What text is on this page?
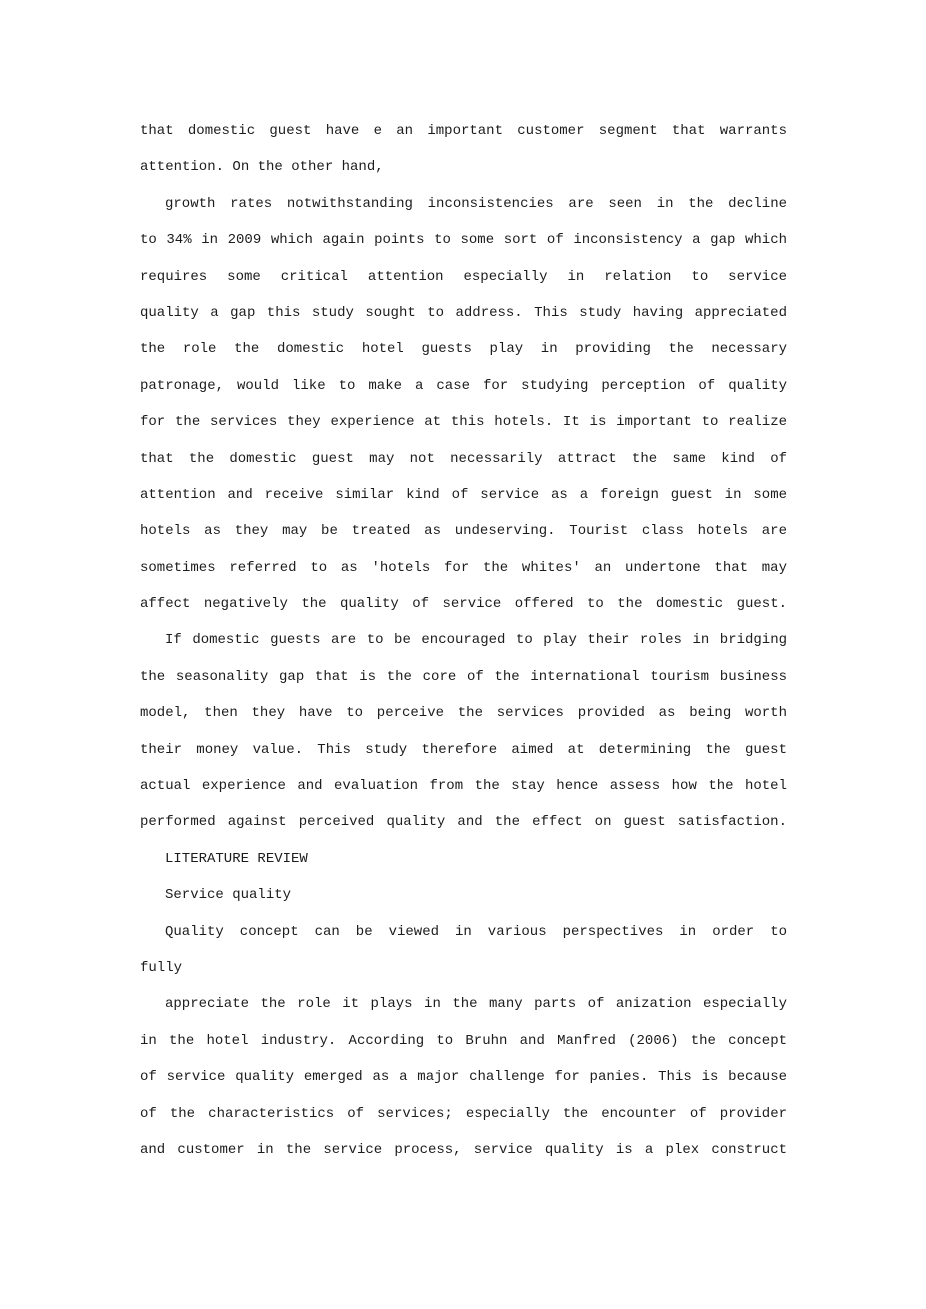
that domestic guest have e an important customer segment that warrants
attention. On the other hand,
growth rates notwithstanding inconsistencies are seen in the decline
to 34% in 2009 which again points to some sort of inconsistency a gap which
requires some critical attention especially in relation to service
quality a gap this study sought to address. This study having appreciated
the role the domestic hotel guests play in providing the necessary
patronage, would like to make a case for studying perception of quality
for the services they experience at this hotels. It is important to realize
that the domestic guest may not necessarily attract the same kind of
attention and receive similar kind of service as a foreign guest in some
hotels as they may be treated as undeserving. Tourist class hotels are
sometimes referred to as 'hotels for the whites' an undertone that may
affect negatively the quality of service offered to the domestic guest.
If domestic guests are to be encouraged to play their roles in bridging
the seasonality gap that is the core of the international tourism business
model, then they have to perceive the services provided as being worth
their money value. This study therefore aimed at determining the guest
actual experience and evaluation from the stay hence assess how the hotel
performed against perceived quality and the effect on guest satisfaction.
LITERATURE REVIEW
Service quality
Quality concept can be viewed in various perspectives in order to
fully
appreciate the role it plays in the many parts of anization especially
in the hotel industry. According to Bruhn and Manfred (2006) the concept
of service quality emerged as a major challenge for panies. This is because
of the characteristics of services; especially the encounter of provider
and customer in the service process, service quality is a plex construct
